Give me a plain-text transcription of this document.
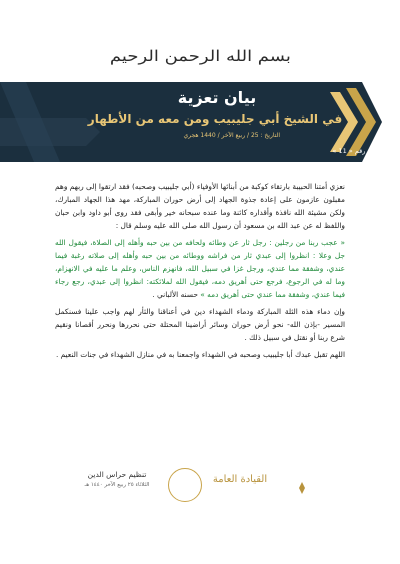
بسم الله الرحمن الرحيم
بيان تعزية
في الشيخ أبي جليبيب ومن معه من الأطهار
التاريخ : 25 / ربيع الآخر / 1440 هجري
بيان رقم « 11 »

نعزي أمتنا الحبيبة بارتقاء كوكبة من أبنائها الأوفياء (أبي جليبيب وصحبه) فقد ارتقوا إلى ربهم وهم مقبلون عازمون على إعادة جذوة الجهاد إلى أرض حوران المباركة، مهد هذا الجهاد المبارك، ولكن مشيئة الله نافذة وأقداره كائنة وما عنده سبحانه خير وأبقى فقد روى أبو داود وابن حبان واللفظ له عن عبد الله بن مسعود أن رسول الله صلى الله عليه وسلم قال :

« عجب ربنا من رجلين : رجل ثار عن وطائه ولحافه من بين حبه وأهله إلى الصلاة، فيقول الله جل وعلا : انظروا إلى عبدي ثار من فراشه ووطائه من بين حبه وأهله إلى صلاته رغبة فيما عندي، وشفقة مما عندي، ورجل غزا في سبيل الله، فانهزم الناس، وعلم ما عليه في الانهزام، وما له في الرجوع، فرجع حتى أهريق دمه، فيقول الله لملائكته: انظروا إلى عبدي، رجع رجاء فيما عندي، وشفقة مما عندي حتى أهريق دمه » حسنه الألباني .

وإن دماء هذه الثلة المباركة ودماء الشهداء دين في أعناقنا والثأر لهم واجب علينا فسنكمل المسير -بإذن الله- نحو أرض حوران وسائر أراضينا المحتلة حتى نحررها ونحرر أقصانا ونقيم شرع ربنا أو نقتل في سبيل ذلك .

اللهم تقبل عبدك أبا جليبيب وصحبه في الشهداء واجمعنا به في منازل الشهداء في جنات النعيم .

تنظيم حراس الدين
الثلاثاء ٢٥ ربيع الآخر ١٤٤٠ هـ	القيادة العامة
